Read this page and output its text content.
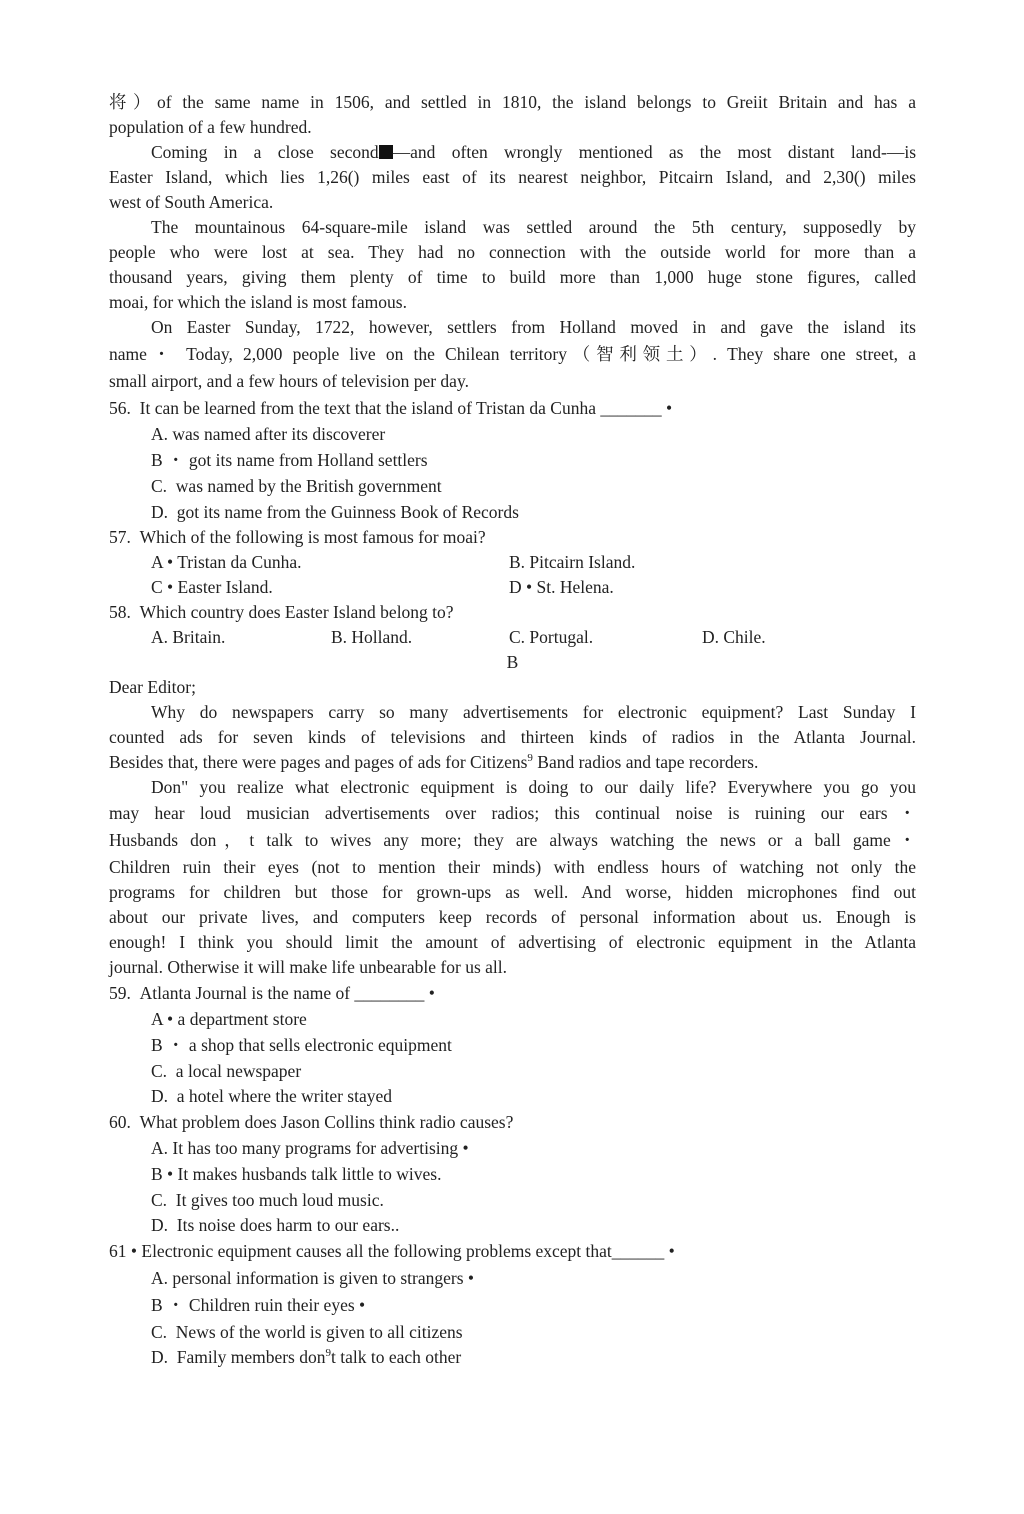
将）of the same name in 1506, and settled in 1810, the island belongs to Greiit Britain and has a
population of a few hundred.
Coming in a close second —and often wrongly mentioned as the most distant land-—is
Easter Island, which lies 1,26() miles east of its nearest neighbor, Pitcairn Island, and 2,30() miles
west of South America.
The mountainous 64-square-mile island was settled around the 5th century, supposedly by
people who were lost at sea. They had no connection with the outside world for more than a
thousand years, giving them plenty of time to build more than 1,000 huge stone figures, called
moai, for which the island is most famous.
On Easter Sunday, 1722, however, settlers from Holland moved in and gave the island its
name・ Today, 2,000 people live on the Chilean territory（智利领土）. They share one street, a
small airport, and a few hours of television per day.
56.  It can be learned from the text that the island of Tristan da Cunha _______ •
A. was named after its discoverer
B ・ got its name from Holland settlers
C.  was named by the British government
D.  got its name from the Guinness Book of Records
57.  Which of the following is most famous for moai?
A • Tristan da Cunha.	B. Pitcairn Island.
C • Easter Island.	D • St. Helena.
58.  Which country does Easter Island belong to?
A. Britain.	B. Holland.	C. Portugal.	D. Chile.
B
Dear Editor;
Why do newspapers carry so many advertisements for electronic equipment? Last Sunday I
counted ads for seven kinds of televisions and thirteen kinds of radios in the Atlanta Journal.
Besides that, there were pages and pages of ads for Citizens$^9$ Band radios and tape recorders.
Don" you realize what electronic equipment is doing to our daily life? Everywhere you go you
may hear loud musician advertisements over radios; this continual noise is ruining our ears・
Husbands don，t talk to wives any more; they are always watching the news or a ball game・
Children ruin their eyes (not to mention their minds) with endless hours of watching not only the
programs for children but those for grown-ups as well. And worse, hidden microphones find out
about our private lives, and computers keep records of personal information about us. Enough is
enough! I think you should limit the amount of advertising of electronic equipment in the Atlanta
journal. Otherwise it will make life unbearable for us all.
59.  Atlanta Journal is the name of ________ •
A • a department store
B ・ a shop that sells electronic equipment
C.  a local newspaper
D.  a hotel where the writer stayed
60.  What problem does Jason Collins think radio causes?
A. It has too many programs for advertising •
B • It makes husbands talk little to wives.
C.  It gives too much loud music.
D.  Its noise does harm to our ears..
61 • Electronic equipment causes all the following problems except that______ •
A. personal information is given to strangers •
B ・ Children ruin their eyes •
C.  News of the world is given to all citizens
D.  Family members don$^9$t talk to each other
